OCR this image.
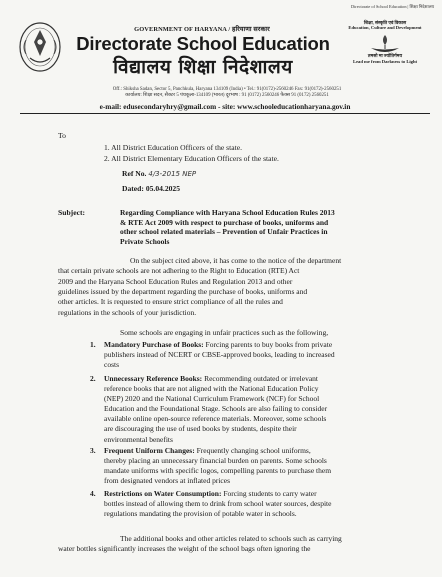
Directorate of School Education | शिक्षा निदेशालय
GOVERNMENT OF HARYANA / हरियाणा सरकार
Directorate School Education
विद्यालय शिक्षा निदेशालय
शिक्षा, संस्कृति एवं विकास
Education, Culture and Development
तमसो मा ज्योतिर्गमय
Lead me from Darkness to Light
Off.: Shiksha Sadan, Sector 5, Panchkula, Haryana 134109 (India) • Tel.: 91(0172)-2560246 Fax: 91(0172)-2560251
कार्यालय: शिक्षा सदन, सैक्टर 5 पंचकूला-134109 (भारत) दूरभाष : 91 (0172) 2560246 फैक्स 91 (0172) 2560251
e-mail: edusecondaryhry@gmail.com - site: www.schooleducationharyana.gov.in
To
1. All District Education Officers of the state.
2. All District Elementary Education Officers of the state.
Ref No. 4/3-2015 NEP
Dated: 05.04.2025
Subject:	Regarding Compliance with Haryana School Education Rules 2013
& RTE Act 2009 with respect to purchase of books, uniforms and
other school related materials – Prevention of Unfair Practices in
Private Schools
On the subject cited above, it has come to the notice of the department
that certain private schools are not adhering to the Right to Education (RTE) Act
2009 and the Haryana School Education Rules and Regulation 2013 and other
guidelines issued by the department regarding the purchase of books, uniforms and
other articles. It is requested to ensure strict compliance of all the rules and
regulations in the schools of your jurisdiction.
Some schools are engaging in unfair practices such as the following,
1. Mandatory Purchase of Books: Forcing parents to buy books from private
publishers instead of NCERT or CBSE-approved books, leading to increased
costs
2. Unnecessary Reference Books: Recommending outdated or irrelevant
reference books that are not aligned with the National Education Policy
(NEP) 2020 and the National Curriculum Framework (NCF) for School
Education and the Foundational Stage. Schools are also failing to consider
available online open-source reference materials. Moreover, some schools
are discouraging the use of used books by students, despite their
environmental benefits
3. Frequent Uniform Changes: Frequently changing school uniforms,
thereby placing an unnecessary financial burden on parents. Some schools
mandate uniforms with specific logos, compelling parents to purchase them
from designated vendors at inflated prices
4. Restrictions on Water Consumption: Forcing students to carry water
bottles instead of allowing them to drink from school water sources, despite
regulations mandating the provision of potable water in schools.
The additional books and other articles related to schools such as carrying
water bottles significantly increases the weight of the school bags often ignoring the
